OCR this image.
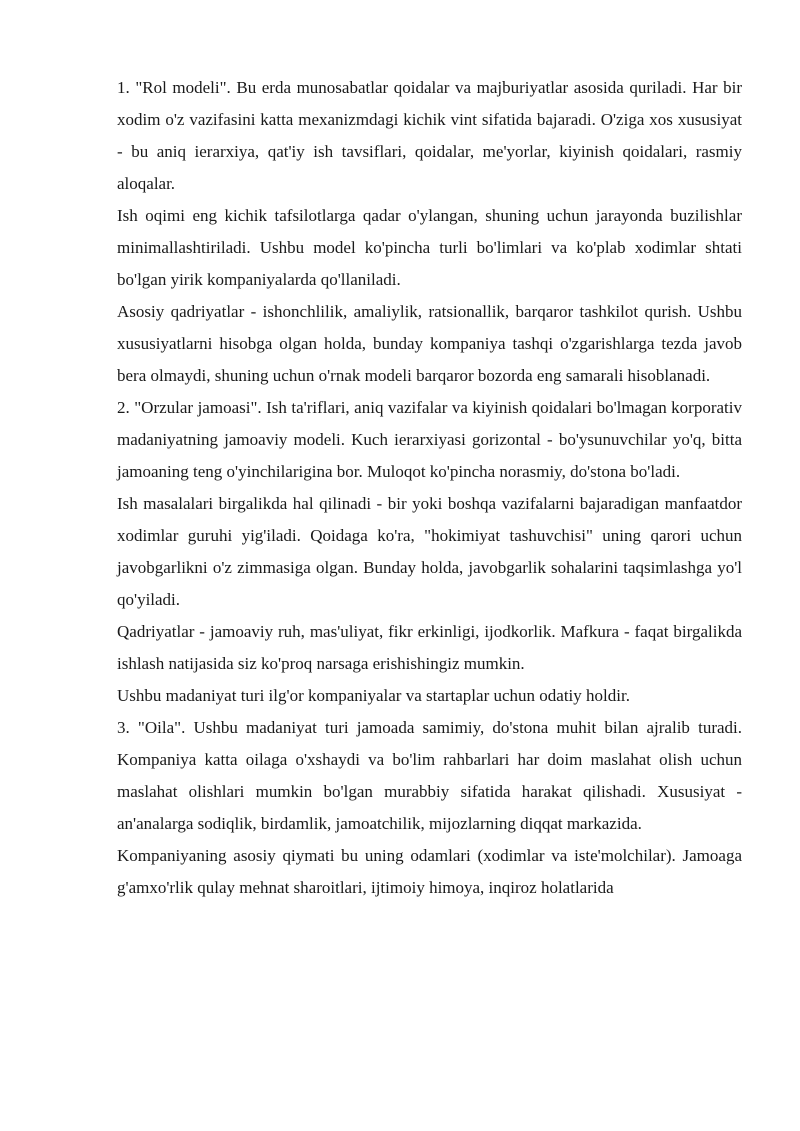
1. "Rol modeli". Bu erda munosabatlar qoidalar va majburiyatlar asosida quriladi. Har bir xodim o'z vazifasini katta mexanizmdagi kichik vint sifatida bajaradi. O'ziga xos xususiyat - bu aniq ierarxiya, qat'iy ish tavsiflari, qoidalar, me'yorlar, kiyinish qoidalari, rasmiy aloqalar.

Ish oqimi eng kichik tafsilotlarga qadar o'ylangan, shuning uchun jarayonda buzilishlar minimallashtiriladi. Ushbu model ko'pincha turli bo'limlari va ko'plab xodimlar shtati bo'lgan yirik kompaniyalarda qo'llaniladi.

Asosiy qadriyatlar - ishonchlilik, amaliylik, ratsionallik, barqaror tashkilot qurish. Ushbu xususiyatlarni hisobga olgan holda, bunday kompaniya tashqi o'zgarishlarga tezda javob bera olmaydi, shuning uchun o'rnak modeli barqaror bozorda eng samarali hisoblanadi.

2. "Orzular jamoasi". Ish ta'riflari, aniq vazifalar va kiyinish qoidalari bo'lmagan korporativ madaniyatning jamoaviy modeli. Kuch ierarxiyasi gorizontal - bo'ysunuvchilar yo'q, bitta jamoaning teng o'yinchilarigina bor. Muloqot ko'pincha norasmiy, do'stona bo'ladi.

Ish masalalari birgalikda hal qilinadi - bir yoki boshqa vazifalarni bajaradigan manfaatdor xodimlar guruhi yig'iladi. Qoidaga ko'ra, "hokimiyat tashuvchisi" uning qarori uchun javobgarlikni o'z zimmasiga olgan. Bunday holda, javobgarlik sohalarini taqsimlashga yo'l qo'yiladi.

Qadriyatlar - jamoaviy ruh, mas'uliyat, fikr erkinligi, ijodkorlik. Mafkura - faqat birgalikda ishlash natijasida siz ko'proq narsaga erishishingiz mumkin.

Ushbu madaniyat turi ilg'or kompaniyalar va startaplar uchun odatiy holdir.

3. "Oila". Ushbu madaniyat turi jamoada samimiy, do'stona muhit bilan ajralib turadi. Kompaniya katta oilaga o'xshaydi va bo'lim rahbarlari har doim maslahat olish uchun maslahat olishlari mumkin bo'lgan murabbiy sifatida harakat qilishadi. Xususiyat - an'analarga sodiqlik, birdamlik, jamoatchilik, mijozlarning diqqat markazida.

Kompaniyaning asosiy qiymati bu uning odamlari (xodimlar va iste'molchilar). Jamoaga g'amxo'rlik qulay mehnat sharoitlari, ijtimoiy himoya, inqiroz holatlarida
